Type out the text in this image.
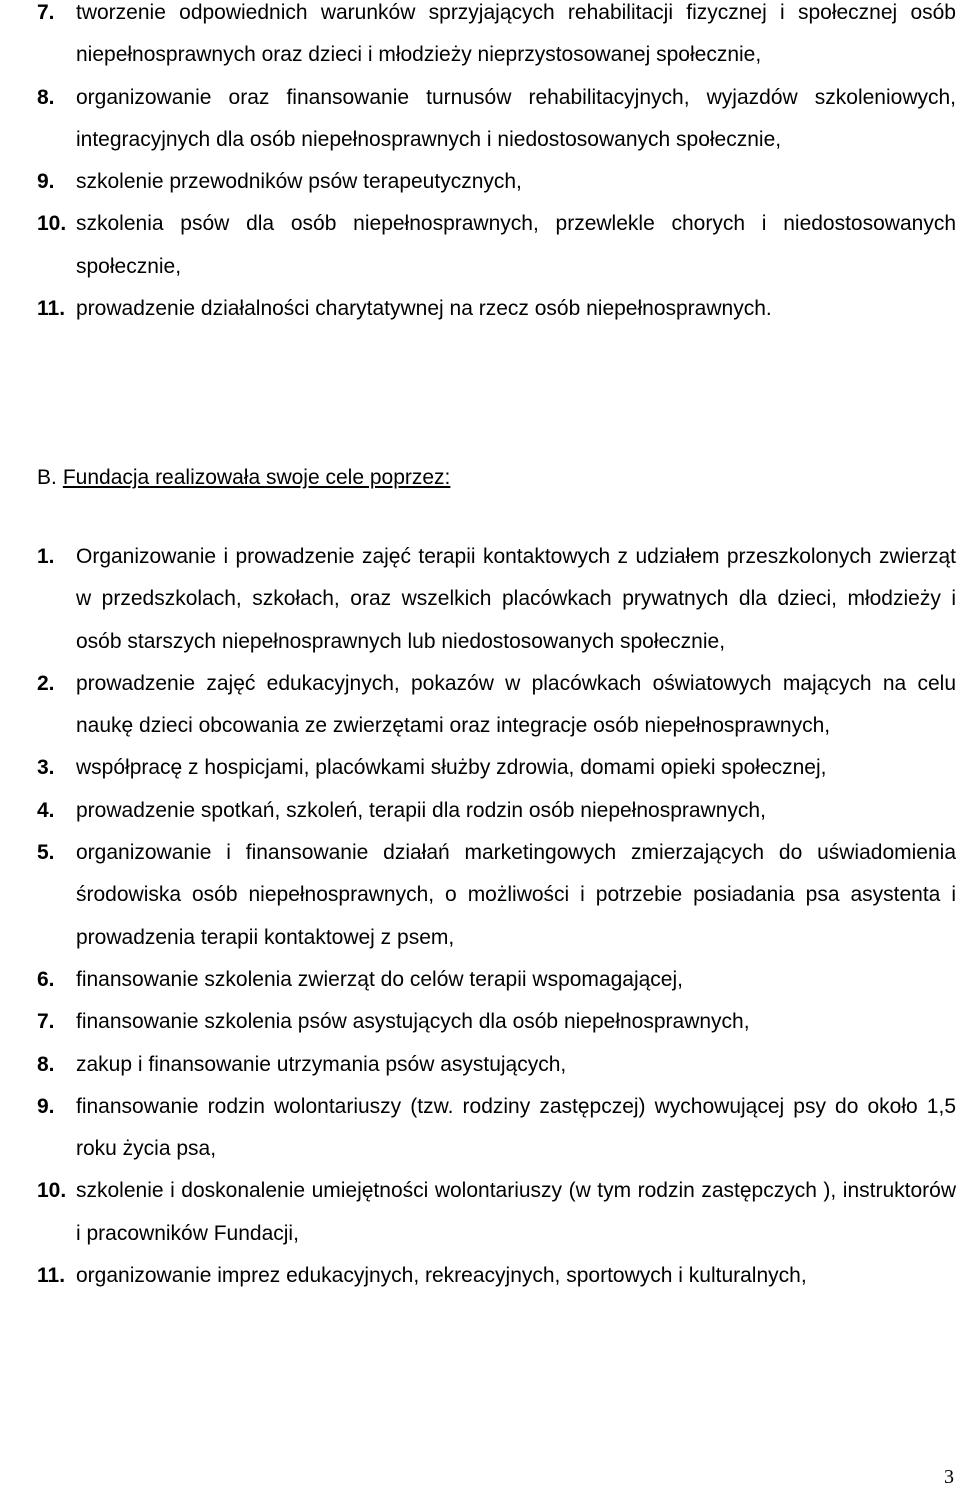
7. tworzenie odpowiednich warunków sprzyjających rehabilitacji fizycznej i społecznej osób niepełnosprawnych oraz dzieci i młodzieży nieprzystosowanej społecznie,
8. organizowanie oraz finansowanie turnusów rehabilitacyjnych, wyjazdów szkoleniowych, integracyjnych dla osób niepełnosprawnych i niedostosowanych społecznie,
9. szkolenie przewodników psów terapeutycznych,
10. szkolenia psów dla osób niepełnosprawnych, przewlekle chorych i niedostosowanych społecznie,
11. prowadzenie działalności charytatywnej na rzecz osób niepełnosprawnych.
B. Fundacja realizowała swoje cele poprzez:
1. Organizowanie i prowadzenie zajęć terapii kontaktowych z udziałem przeszkolonych zwierząt w przedszkolach, szkołach, oraz wszelkich placówkach prywatnych dla dzieci, młodzieży i osób starszych niepełnosprawnych lub niedostosowanych społecznie,
2. prowadzenie zajęć edukacyjnych, pokazów w placówkach oświatowych mających na celu naukę dzieci obcowania ze zwierzętami oraz integracje osób niepełnosprawnych,
3. współpracę z hospicjami, placówkami służby zdrowia, domami opieki społecznej,
4. prowadzenie spotkań, szkoleń, terapii dla rodzin osób niepełnosprawnych,
5. organizowanie i finansowanie działań marketingowych zmierzających do uświadomienia środowiska osób niepełnosprawnych, o możliwości i potrzebie posiadania psa asystenta i prowadzenia terapii kontaktowej z psem,
6. finansowanie szkolenia zwierząt do celów terapii wspomagającej,
7. finansowanie szkolenia psów asystujących dla osób niepełnosprawnych,
8. zakup i finansowanie utrzymania psów asystujących,
9. finansowanie rodzin wolontariuszy (tzw. rodziny zastępczej) wychowującej psy do około 1,5 roku życia psa,
10. szkolenie i doskonalenie umiejętności wolontariuszy (w tym rodzin zastępczych ), instruktorów i pracowników Fundacji,
11. organizowanie imprez edukacyjnych, rekreacyjnych, sportowych i kulturalnych,
3
